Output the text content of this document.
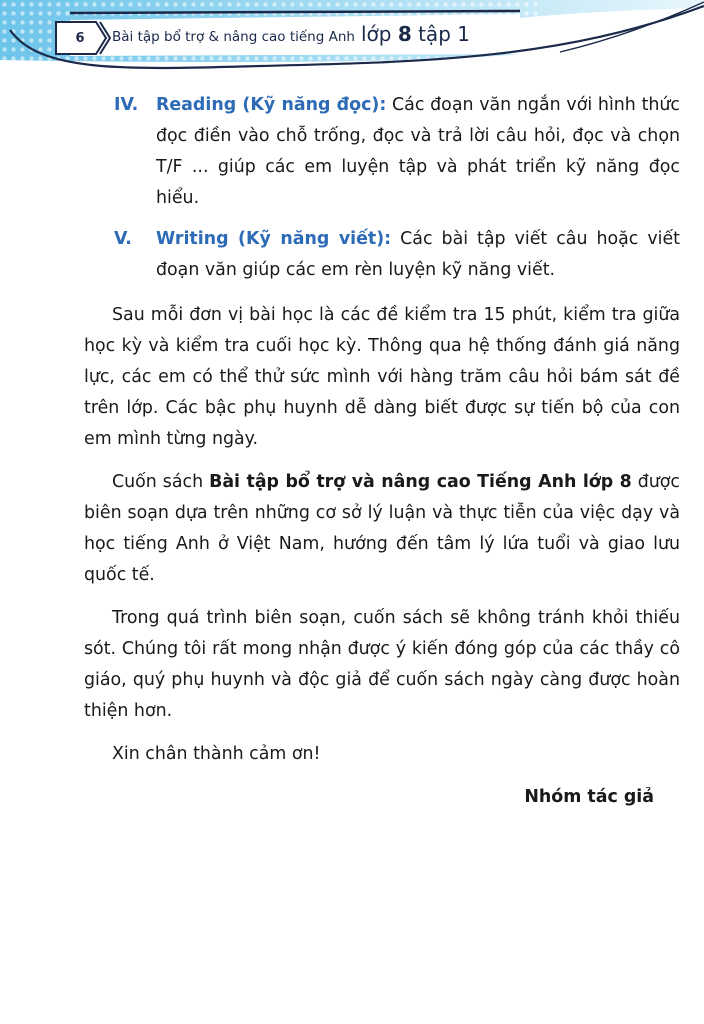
6	Bài tập bổ trợ & nâng cao tiếng Anh lớp 8 tập 1
IV.	Reading (Kỹ năng đọc): Các đoạn văn ngắn với hình thức đọc điền vào chỗ trống, đọc và trả lời câu hỏi, đọc và chọn T/F ... giúp các em luyện tập và phát triển kỹ năng đọc hiểu.
V.	Writing (Kỹ năng viết): Các bài tập viết câu hoặc viết đoạn văn giúp các em rèn luyện kỹ năng viết.
Sau mỗi đơn vị bài học là các đề kiểm tra 15 phút, kiểm tra giữa học kỳ và kiểm tra cuối học kỳ. Thông qua hệ thống đánh giá năng lực, các em có thể thử sức mình với hàng trăm câu hỏi bám sát đề trên lớp. Các bậc phụ huynh dễ dàng biết được sự tiến bộ của con em mình từng ngày.
Cuốn sách Bài tập bổ trợ và nâng cao Tiếng Anh lớp 8 được biên soạn dựa trên những cơ sở lý luận và thực tiễn của việc dạy và học tiếng Anh ở Việt Nam, hướng đến tâm lý lứa tuổi và giao lưu quốc tế.
Trong quá trình biên soạn, cuốn sách sẽ không tránh khỏi thiếu sót. Chúng tôi rất mong nhận được ý kiến đóng góp của các thầy cô giáo, quý phụ huynh và độc giả để cuốn sách ngày càng được hoàn thiện hơn.
Xin chân thành cảm ơn!
Nhóm tác giả
